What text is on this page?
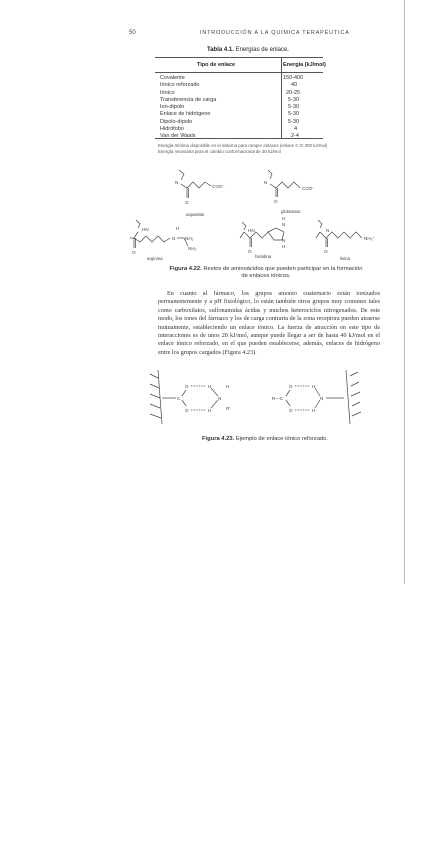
50	INTRODUCCIÓN A LA QUÍMICA TERAPÉUTICA
Tabla 4.1. Energías de enlace.
Tipo de enlace	Energía (kJ/mol)
Covalente	150-400
Iónico reforzado	40
Iónico	20-25
Transferencia de carga	5-30
Ion-dipolo	5-30
Enlace de hidrógeno	5-30
Dipolo-dipolo	5-30
Hidrófobo	4
Van der Waals	2-4
Energía mínima disponible en el sistema para romper enlaces (enlace C-O 300 kJ/mol)
Energía necesaria para el cambio conformacional de 30 kJ/mol
N
O
COO⁻
aspartato
N
O
COO⁻
glutamato
HN
O
H
N NH₂
NH₂
arginina
H
N
HN
N
H
O
histidina
N
NH₃⁺
O
lisina
Figura 4.22. Restos de aminoácidos que pueden participar en la formación
de enlaces iónicos.

En cuanto al fármaco, los grupos amonio cuaternario están ionizados permanentemente y a pH fisiológico, lo están también otros grupos muy comunes tales como carboxilatos, sulfonamidas ácidas y muchos heterociclos nitrogenados. De este modo, los iones del fármaco y los de carga contraria de la zona receptora pueden atraerse mutuamente, estableciendo un enlace iónico. La fuerza de atracción en este tipo de interacciones es de unos 20 kJ/mol, aunque puede llegar a ser de hasta 40 kJ/mol en el enlace iónico reforzado, en el que pueden establecerse, además, enlaces de hidrógeno entre los grupos cargados (Figura 4.23).

C
O
O
H
H
N
H
R'
R—C
O
O
H
H
N
Figura 4.23. Ejemplo de enlace iónico reforzado.
